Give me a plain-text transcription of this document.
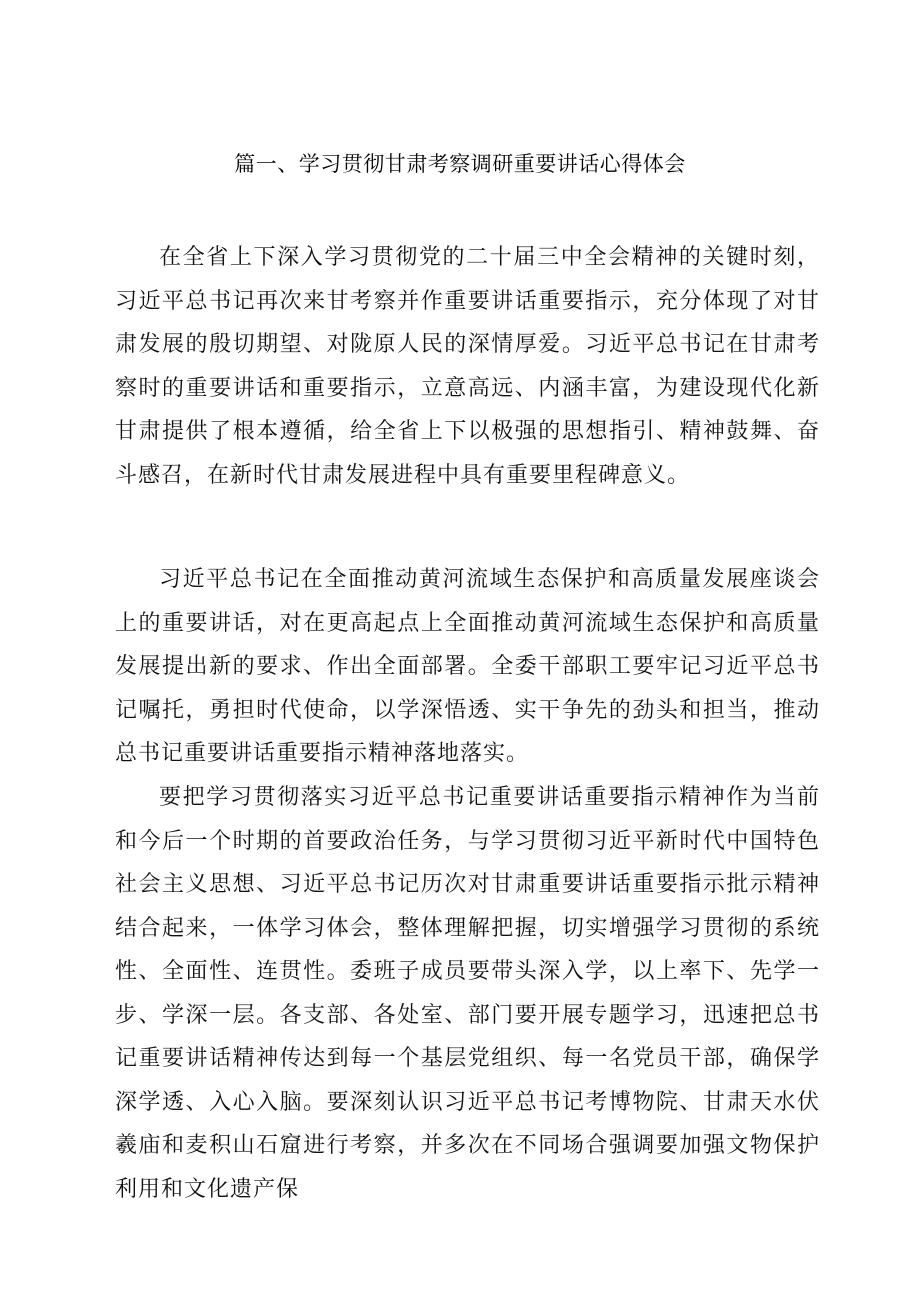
篇一、学习贯彻甘肃考察调研重要讲话心得体会

在全省上下深入学习贯彻党的二十届三中全会精神的关键时刻，习近平总书记再次来甘考察并作重要讲话重要指示，充分体现了对甘肃发展的殷切期望、对陇原人民的深情厚爱。习近平总书记在甘肃考察时的重要讲话和重要指示，立意高远、内涵丰富，为建设现代化新甘肃提供了根本遵循，给全省上下以极强的思想指引、精神鼓舞、奋斗感召，在新时代甘肃发展进程中具有重要里程碑意义。

习近平总书记在全面推动黄河流域生态保护和高质量发展座谈会上的重要讲话，对在更高起点上全面推动黄河流域生态保护和高质量发展提出新的要求、作出全面部署。全委干部职工要牢记习近平总书记嘱托，勇担时代使命，以学深悟透、实干争先的劲头和担当，推动总书记重要讲话重要指示精神落地落实。

要把学习贯彻落实习近平总书记重要讲话重要指示精神作为当前和今后一个时期的首要政治任务，与学习贯彻习近平新时代中国特色社会主义思想、习近平总书记历次对甘肃重要讲话重要指示批示精神结合起来，一体学习体会，整体理解把握，切实增强学习贯彻的系统性、全面性、连贯性。委班子成员要带头深入学，以上率下、先学一步、学深一层。各支部、各处室、部门要开展专题学习，迅速把总书记重要讲话精神传达到每一个基层党组织、每一名党员干部，确保学深学透、入心入脑。要深刻认识习近平总书记考博物院、甘肃天水伏羲庙和麦积山石窟进行考察，并多次在不同场合强调要加强文物保护利用和文化遗产保
